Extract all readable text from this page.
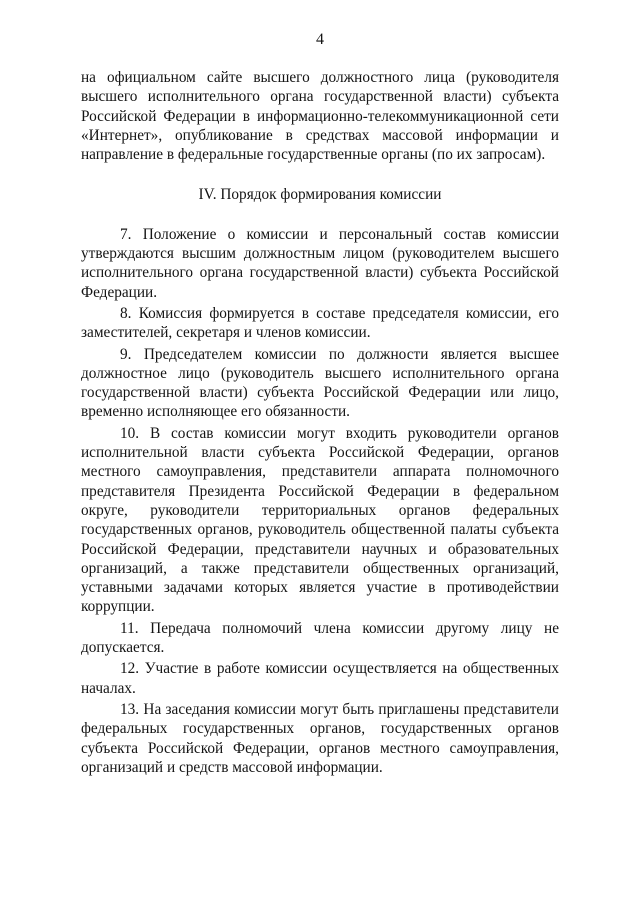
4

на официальном сайте высшего должностного лица (руководителя высшего исполнительного органа государственной власти) субъекта Российской Федерации в информационно-телекоммуникационной сети «Интернет», опубликование в средствах массовой информации и направление в федеральные государственные органы (по их запросам).

IV. Порядок формирования комиссии

7. Положение о комиссии и персональный состав комиссии утверждаются высшим должностным лицом (руководителем высшего исполнительного органа государственной власти) субъекта Российской Федерации.

8. Комиссия формируется в составе председателя комиссии, его заместителей, секретаря и членов комиссии.

9. Председателем комиссии по должности является высшее должностное лицо (руководитель высшего исполнительного органа государственной власти) субъекта Российской Федерации или лицо, временно исполняющее его обязанности.

10. В состав комиссии могут входить руководители органов исполнительной власти субъекта Российской Федерации, органов местного самоуправления, представители аппарата полномочного представителя Президента Российской Федерации в федеральном округе, руководители территориальных органов федеральных государственных органов, руководитель общественной палаты субъекта Российской Федерации, представители научных и образовательных организаций, а также представители общественных организаций, уставными задачами которых является участие в противодействии коррупции.

11. Передача полномочий члена комиссии другому лицу не допускается.

12. Участие в работе комиссии осуществляется на общественных началах.

13. На заседания комиссии могут быть приглашены представители федеральных государственных органов, государственных органов субъекта Российской Федерации, органов местного самоуправления, организаций и средств массовой информации.
